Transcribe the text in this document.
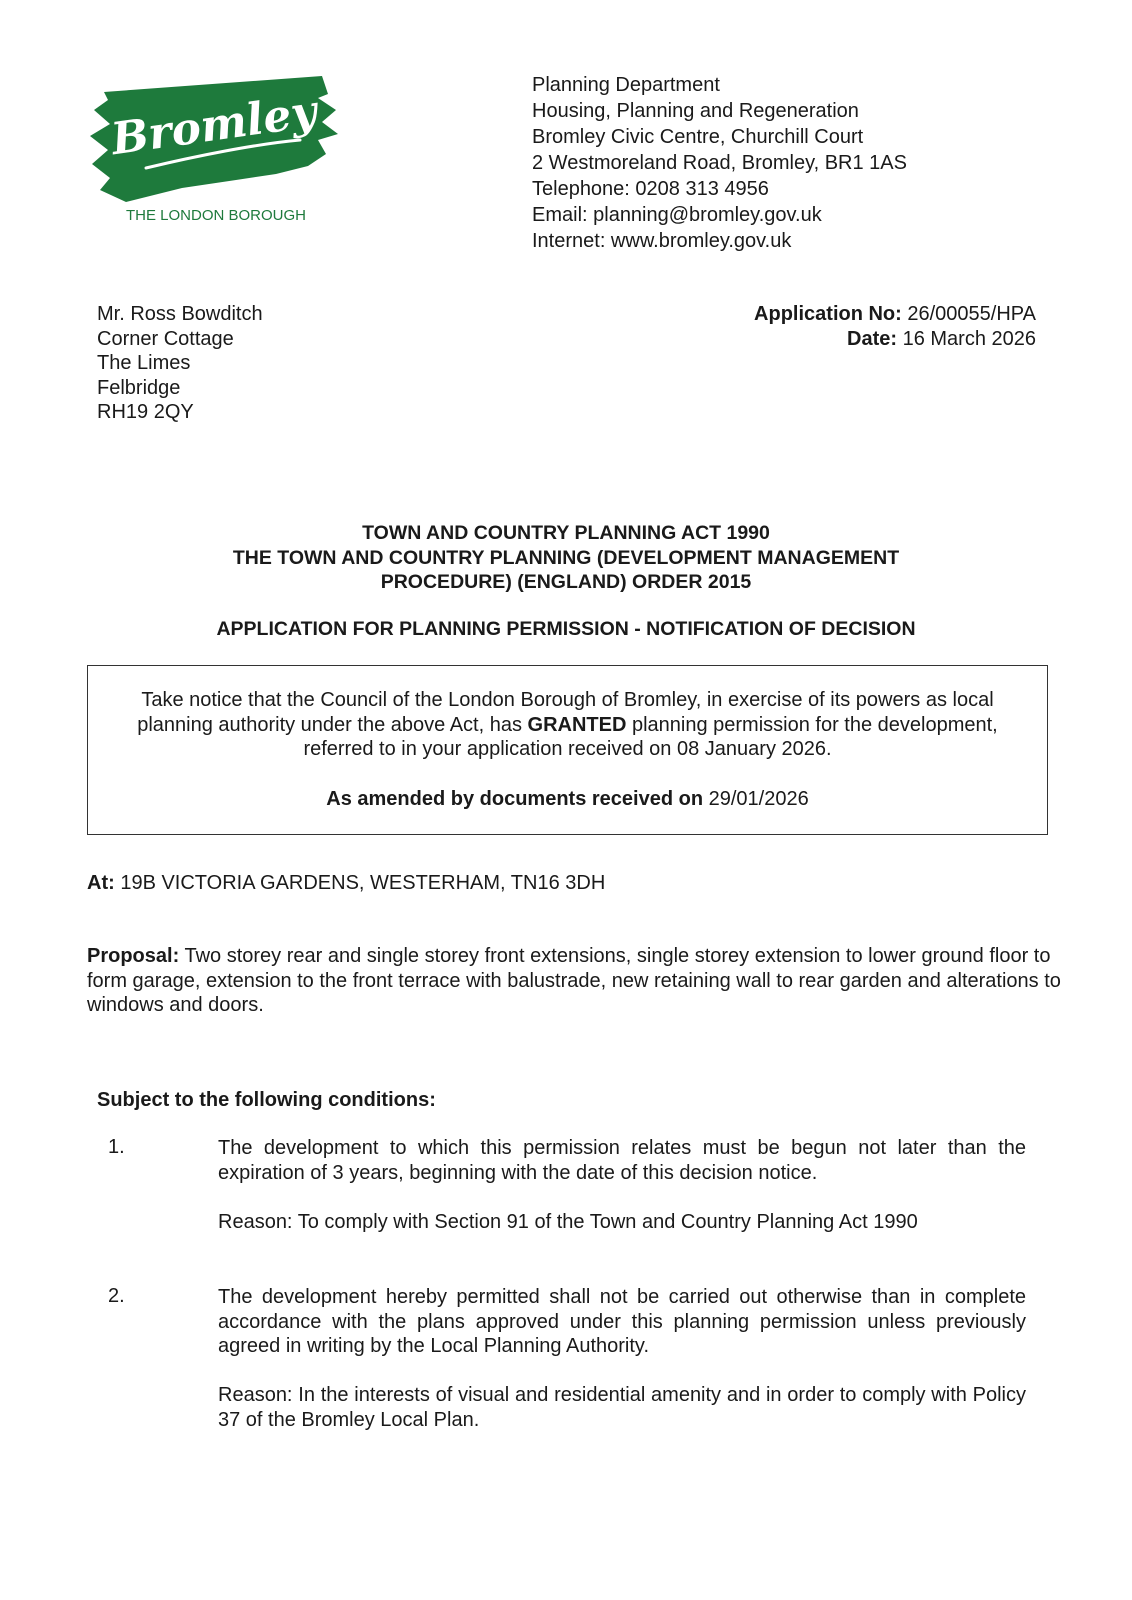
Bromley
THE LONDON BOROUGH
Planning Department
Housing, Planning and Regeneration
Bromley Civic Centre, Churchill Court
2 Westmoreland Road, Bromley, BR1 1AS
Telephone: 0208 313 4956
Email: planning@bromley.gov.uk
Internet: www.bromley.gov.uk
Mr. Ross Bowditch
Corner Cottage
The Limes
Felbridge
RH19 2QY
Application No: 26/00055/HPA
Date: 16 March 2026
TOWN AND COUNTRY PLANNING ACT 1990
THE TOWN AND COUNTRY PLANNING (DEVELOPMENT MANAGEMENT
PROCEDURE) (ENGLAND) ORDER 2015
APPLICATION FOR PLANNING PERMISSION - NOTIFICATION OF DECISION
Take notice that the Council of the London Borough of Bromley, in exercise of its powers as local
planning authority under the above Act, has GRANTED planning permission for the development,
referred to in your application received on 08 January 2026.
As amended by documents received on 29/01/2026
At: 19B VICTORIA GARDENS, WESTERHAM, TN16 3DH
Proposal: Two storey rear and single storey front extensions, single storey extension to lower ground floor to form garage, extension to the front terrace with balustrade, new retaining wall to rear garden and alterations to windows and doors.
Subject to the following conditions:
1.	The development to which this permission relates must be begun not later than the expiration of 3 years, beginning with the date of this decision notice.
Reason: To comply with Section 91 of the Town and Country Planning Act 1990
2.	The development hereby permitted shall not be carried out otherwise than in complete accordance with the plans approved under this planning permission unless previously agreed in writing by the Local Planning Authority.
Reason: In the interests of visual and residential amenity and in order to comply with Policy 37 of the Bromley Local Plan.
